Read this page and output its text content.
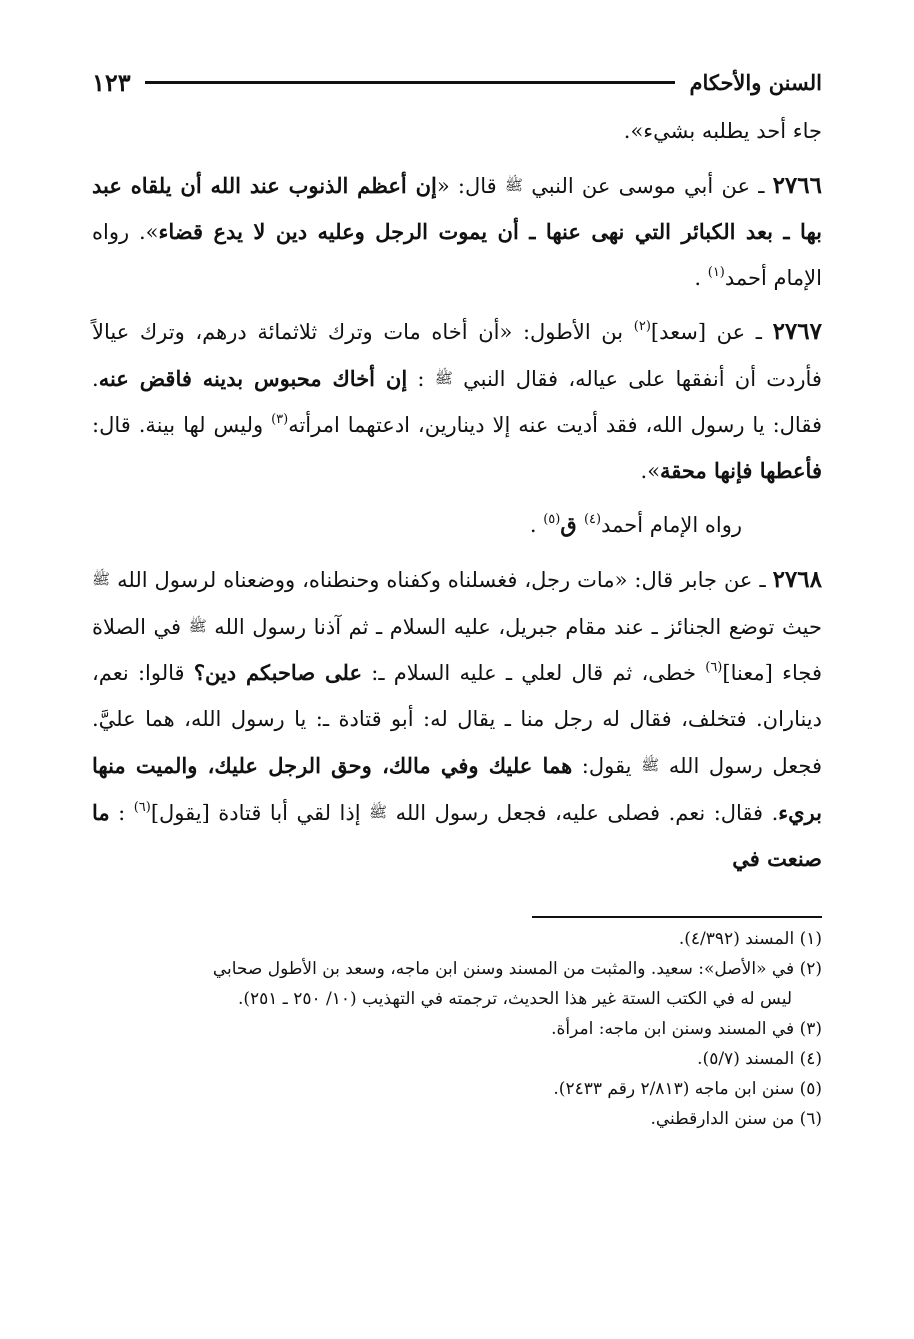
السنن والأحكام
١٢٣

جاء أحد يطلبه بشيء».

٢٧٦٦ ـ عن أبي موسى عن النبي ﷺ قال: «إن أعظم الذنوب عند الله أن يلقاه عبد بها ـ بعد الكبائر التي نهى عنها ـ أن يموت الرجل وعليه دين لا يدع قضاء». رواه الإمام أحمد$^{(١)}$ .

٢٧٦٧ ـ عن [سعد]$^{(٢)}$ بن الأطول: «أن أخاه مات وترك ثلاثمائة درهم، وترك عيالاً فأردت أن أنفقها على عياله، فقال النبي ﷺ : إن أخاك محبوس بدينه فاقض عنه. فقال: يا رسول الله، فقد أديت عنه إلا دينارين، ادعتهما امرأته$^{(٣)}$ وليس لها بينة. قال: فأعطها فإنها محقة».

رواه الإمام أحمد$^{(٤)}$ ق$^{(٥)}$ .

٢٧٦٨ ـ عن جابر قال: «مات رجل، فغسلناه وكفناه وحنطناه، ووضعناه لرسول الله ﷺ حيث توضع الجنائز ـ عند مقام جبريل، عليه السلام ـ ثم آذنا رسول الله ﷺ في الصلاة فجاء [معنا]$^{(٦)}$ خطى، ثم قال لعلي ـ عليه السلام ـ: على صاحبكم دين؟ قالوا: نعم، ديناران. فتخلف، فقال له رجل منا ـ يقال له: أبو قتادة ـ: يا رسول الله، هما عليَّ. فجعل رسول الله ﷺ يقول: هما عليك وفي مالك، وحق الرجل عليك، والميت منها بريء. فقال: نعم. فصلى عليه، فجعل رسول الله ﷺ إذا لقي أبا قتادة [يقول]$^{(٦)}$ : ما صنعت في

(١) المسند (٤/٣٩٢).
(٢) في «الأصل»: سعيد. والمثبت من المسند وسنن ابن ماجه، وسعد بن الأطول صحابي
ليس له في الكتب الستة غير هذا الحديث، ترجمته في التهذيب (١٠/ ٢٥٠ ـ ٢٥١).
(٣) في المسند وسنن ابن ماجه: امرأة.
(٤) المسند (٥/٧).
(٥) سنن ابن ماجه (٢/٨١٣ رقم ٢٤٣٣).
(٦) من سنن الدارقطني.
